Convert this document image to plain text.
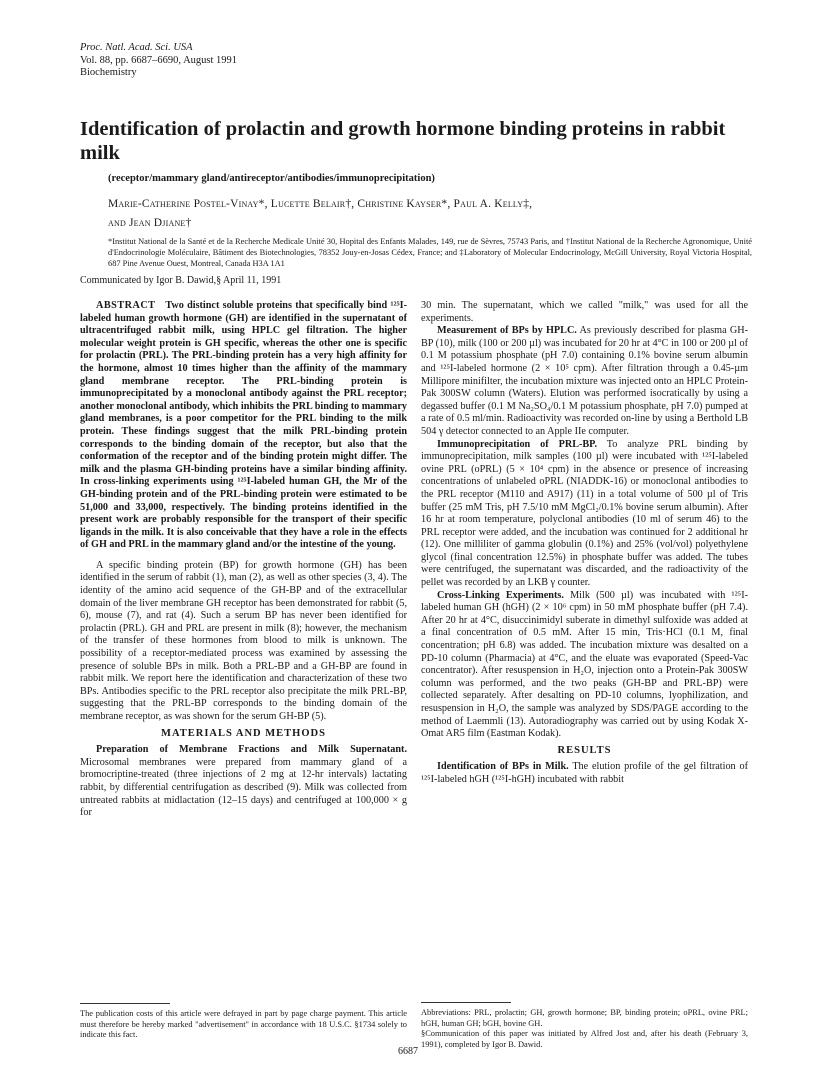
Proc. Natl. Acad. Sci. USA
Vol. 88, pp. 6687–6690, August 1991
Biochemistry
Identification of prolactin and growth hormone binding proteins in rabbit milk
(receptor/mammary gland/antireceptor/antibodies/immunoprecipitation)
Marie-Catherine Postel-Vinay*, Lucette Belair†, Christine Kayser*, Paul A. Kelly‡,
and Jean Djiane†
*Institut National de la Santé et de la Recherche Medicale Unité 30, Hopital des Enfants Malades, 149, rue de Sèvres, 75743 Paris, and †Institut National de la Recherche Agronomique, Unité d'Endocrinologie Moléculaire, Bâtiment des Biotechnologies, 78352 Jouy-en-Josas Cédex, France; and ‡Laboratory of Molecular Endocrinology, McGill University, Royal Victoria Hospital, 687 Pine Avenue Ouest, Montreal, Canada H3A 1A1
Communicated by Igor B. Dawid,§ April 11, 1991

ABSTRACT Two distinct soluble proteins that specifically bind ¹²⁵I-labeled human growth hormone (GH) are identified in the supernatant of ultracentrifuged rabbit milk, using HPLC gel filtration. The higher molecular weight protein is GH specific, whereas the other one is specific for prolactin (PRL). The PRL-binding protein has a very high affinity for the hormone, almost 10 times higher than the affinity of the mammary gland membrane receptor. The PRL-binding protein is immunoprecipitated by a monoclonal antibody against the PRL receptor; another monoclonal antibody, which inhibits the PRL binding to mammary gland membranes, is a poor competitor for the PRL binding to the milk protein. These findings suggest that the milk PRL-binding protein corresponds to the binding domain of the receptor, but also that the conformation of the receptor and of the binding protein might differ. The milk and the plasma GH-binding proteins have a similar binding affinity. In cross-linking experiments using ¹²⁵I-labeled human GH, the Mr of the GH-binding protein and of the PRL-binding protein were estimated to be 51,000 and 33,000, respectively. The binding proteins identified in the present work are probably responsible for the transport of their specific ligands in the milk. It is also conceivable that they have a role in the effects of GH and PRL in the mammary gland and/or the intestine of the young.

A specific binding protein (BP) for growth hormone (GH) has been identified in the serum of rabbit (1), man (2), as well as other species (3, 4). The identity of the amino acid sequence of the GH-BP and of the extracellular domain of the liver membrane GH receptor has been demonstrated for rabbit (5, 6), mouse (7), and rat (4). Such a serum BP has never been identified for prolactin (PRL). GH and PRL are present in milk (8); however, the mechanism of the transfer of these hormones from blood to milk is unknown. The possibility of a receptor-mediated process was examined by assessing the presence of soluble BPs in milk. Both a PRL-BP and a GH-BP are found in rabbit milk. We report here the identification and characterization of these two BPs. Antibodies specific to the PRL receptor also precipitate the milk PRL-BP, suggesting that the PRL-BP corresponds to the binding domain of the membrane receptor, as was shown for the serum GH-BP (5).

MATERIALS AND METHODS

Preparation of Membrane Fractions and Milk Supernatant. Microsomal membranes were prepared from mammary gland of a bromocriptine-treated (three injections of 2 mg at 12-hr intervals) lactating rabbit, by differential centrifugation as described (9). Milk was collected from untreated rabbits at midlactation (12–15 days) and centrifuged at 100,000 × g for

30 min. The supernatant, which we called "milk," was used for all the experiments.

Measurement of BPs by HPLC. As previously described for plasma GH-BP (10), milk (100 or 200 µl) was incubated for 20 hr at 4°C in 100 or 200 µl of 0.1 M potassium phosphate (pH 7.0) containing 0.1% bovine serum albumin and ¹²⁵I-labeled hormone (2 × 10⁵ cpm). After filtration through a 0.45-µm Millipore minifilter, the incubation mixture was injected onto an HPLC Protein-Pak 300SW column (Waters). Elution was performed isocratically by using a degassed buffer (0.1 M Na₂SO₄/0.1 M potassium phosphate, pH 7.0) pumped at a rate of 0.5 ml/min. Radioactivity was recorded on-line by using a Berthold LB 504 γ detector connected to an Apple IIe computer.

Immunoprecipitation of PRL-BP. To analyze PRL binding by immunoprecipitation, milk samples (100 µl) were incubated with ¹²⁵I-labeled ovine PRL (oPRL) (5 × 10⁴ cpm) in the absence or presence of increasing concentrations of unlabeled oPRL (NIADDK-16) or monoclonal antibodies to the PRL receptor (M110 and A917) (11) in a total volume of 500 µl of Tris buffer (25 mM Tris, pH 7.5/10 mM MgCl₂/0.1% bovine serum albumin). After 16 hr at room temperature, polyclonal antibodies (10 ml of serum 46) to the PRL receptor were added, and the incubation was continued for 2 additional hr (12). One milliliter of gamma globulin (0.1%) and 25% (vol/vol) polyethylene glycol (final concentration 12.5%) in phosphate buffer was added. The tubes were centrifuged, the supernatant was discarded, and the radioactivity of the pellet was recorded by an LKB γ counter.

Cross-Linking Experiments. Milk (500 µl) was incubated with ¹²⁵I-labeled human GH (hGH) (2 × 10⁶ cpm) in 50 mM phosphate buffer (pH 7.4). After 20 hr at 4°C, disuccinimidyl suberate in dimethyl sulfoxide was added at a final concentration of 0.5 mM. After 15 min, Tris·HCl (0.1 M, final concentration; pH 6.8) was added. The incubation mixture was desalted on a PD-10 column (Pharmacia) at 4°C, and the eluate was evaporated (Speed-Vac concentrator). After resuspension in H₂O, injection onto a Protein-Pak 300SW column was performed, and the two peaks (GH-BP and PRL-BP) were collected separately. After desalting on PD-10 columns, lyophilization, and resuspension in H₂O, the sample was analyzed by SDS/PAGE according to the method of Laemmli (13). Autoradiography was carried out by using Kodak X-Omat AR5 film (Eastman Kodak).

RESULTS

Identification of BPs in Milk. The elution profile of the gel filtration of ¹²⁵I-labeled hGH (¹²⁵I-hGH) incubated with rabbit

The publication costs of this article were defrayed in part by page charge payment. This article must therefore be hereby marked "advertisement" in accordance with 18 U.S.C. §1734 solely to indicate this fact.
Abbreviations: PRL, prolactin; GH, growth hormone; BP, binding protein; oPRL, ovine PRL; hGH, human GH; bGH, bovine GH.
§Communication of this paper was initiated by Alfred Jost and, after his death (February 3, 1991), completed by Igor B. Dawid.
6687
